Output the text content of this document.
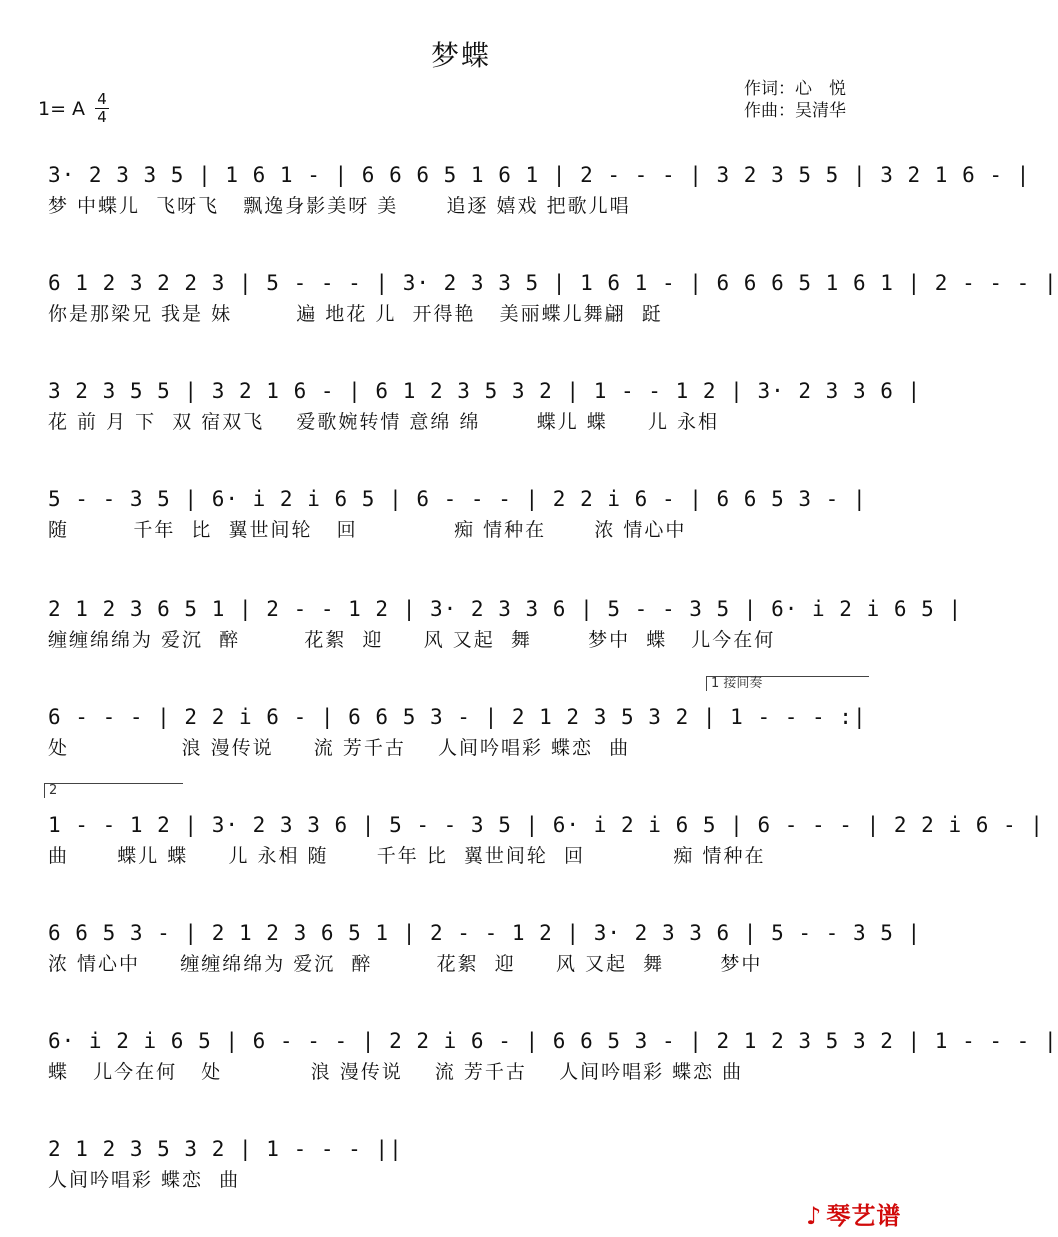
梦蝶
1= A 4
4
作词：心　悦
作曲：吴清华
3· 2 3 3 5 | 1 6 1 - | 6 6 6 5 1 6 1 | 2 - - - | 3 2 3 5 5 | 3 2 1 6 - |
梦 中蝶儿  飞呀飞   飘逸身影美呀 美      追逐 嬉戏 把歌儿唱
6 1 2 3 2 2 3 | 5 - - - | 3· 2 3 3 5 | 1 6 1 - | 6 6 6 5 1 6 1 | 2 - - - |
你是那梁兄 我是 妹        遍 地花 儿  开得艳   美丽蝶儿舞翩  跹
3 2 3 5 5 | 3 2 1 6 - | 6 1 2 3 5 3 2 | 1 - - 1 2 | 3· 2 3 3 6 |
花 前 月 下  双 宿双飞    爱歌婉转情 意绵 绵       蝶儿 蝶     儿 永相
5 - - 3 5 | 6· i 2 i 6 5 | 6 - - - | 2 2 i 6 - | 6 6 5 3 - |
随        千年  比  翼世间轮   回            痴 情种在      浓 情心中
2 1 2 3 6 5 1 | 2 - - 1 2 | 3· 2 3 3 6 | 5 - - 3 5 | 6· i 2 i 6 5 |
缠缠绵绵为 爱沉  醉        花絮  迎     风 又起  舞       梦中  蝶   儿今在何
1 接间奏
6 - - - | 2 2 i 6 - | 6 6 5 3 - | 2 1 2 3 5 3 2 | 1 - - - :|
处              浪 漫传说     流 芳千古    人间吟唱彩 蝶恋  曲
2
1 - - 1 2 | 3· 2 3 3 6 | 5 - - 3 5 | 6· i 2 i 6 5 | 6 - - - | 2 2 i 6 - |
曲      蝶儿 蝶     儿 永相 随      千年 比  翼世间轮  回           痴 情种在
6 6 5 3 - | 2 1 2 3 6 5 1 | 2 - - 1 2 | 3· 2 3 3 6 | 5 - - 3 5 |
浓 情心中     缠缠绵绵为 爱沉  醉        花絮  迎     风 又起  舞       梦中
6· i 2 i 6 5 | 6 - - - | 2 2 i 6 - | 6 6 5 3 - | 2 1 2 3 5 3 2 | 1 - - - |
蝶   儿今在何   处           浪 漫传说    流 芳千古    人间吟唱彩 蝶恋 曲
2 1 2 3 5 3 2 | 1 - - - ||
人间吟唱彩 蝶恋  曲
♪ 琴艺谱
